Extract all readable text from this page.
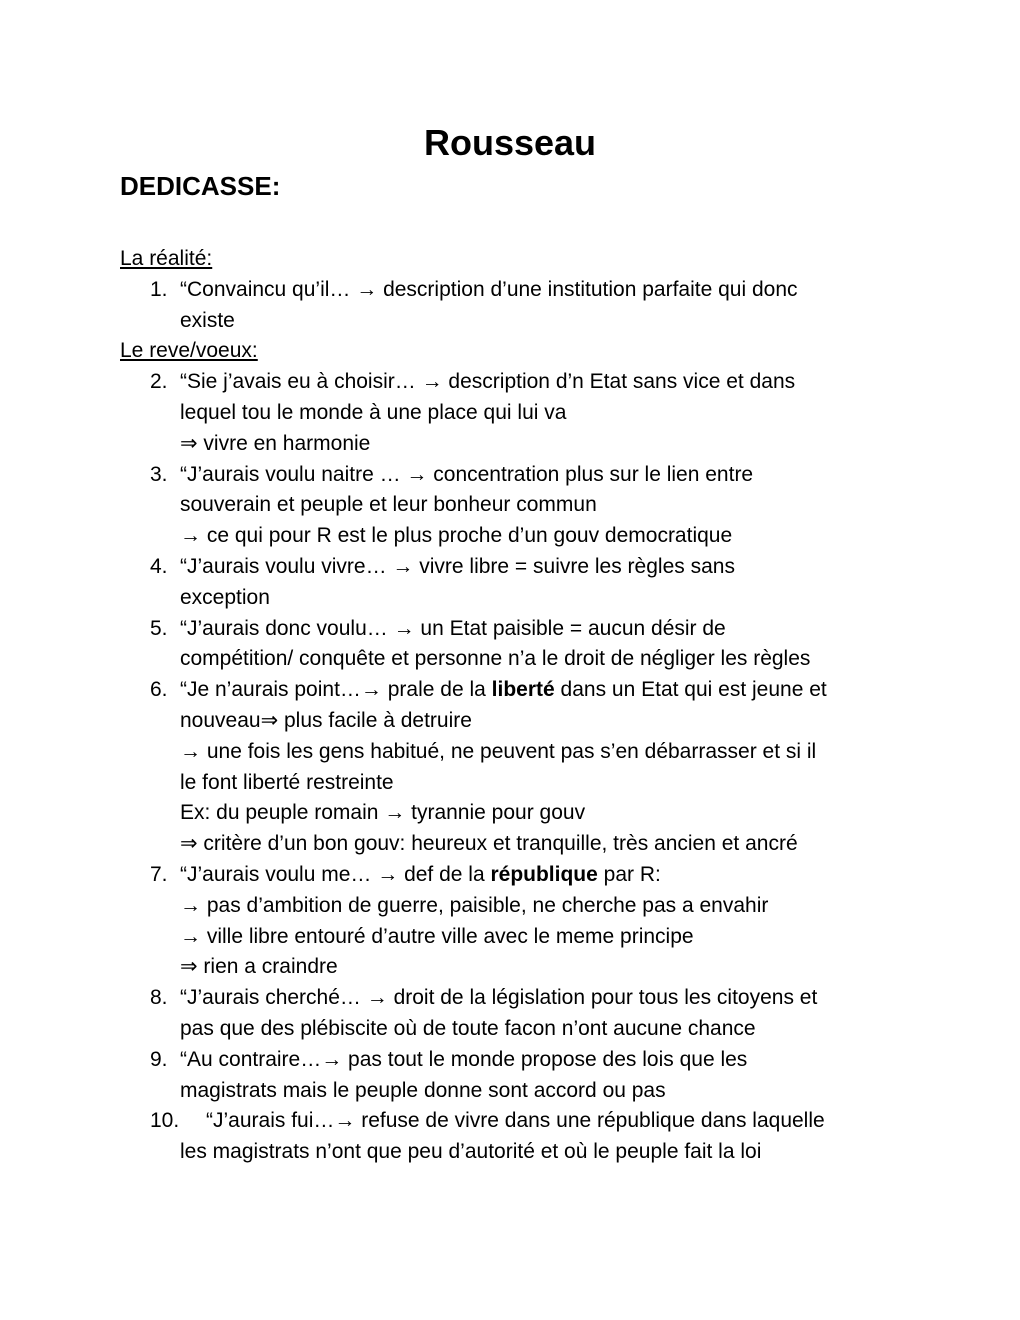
Rousseau
DEDICASSE:

La réalité:

1. “Convaincu qu’il… → description d’une institution parfaite qui donc
existe

Le reve/voeux:

2. “Sie j’avais eu à choisir… → description d’n Etat sans vice et dans
lequel tou le monde à une place qui lui va
⇒ vivre en harmonie
3. “J’aurais voulu naitre … → concentration plus sur le lien entre
souverain et peuple et leur bonheur commun
→ ce qui pour R est le plus proche d’un gouv democratique
4. “J’aurais voulu vivre… → vivre libre = suivre les règles sans
exception
5. “J’aurais donc voulu… → un Etat paisible = aucun désir de
compétition/ conquête et personne n’a le droit de négliger les règles
6. “Je n’aurais point…→ prale de la liberté dans un Etat qui est jeune et
nouveau⇒ plus facile à detruire
→ une fois les gens habitué, ne peuvent pas s’en débarrasser et si il
le font liberté restreinte
Ex: du peuple romain → tyrannie pour gouv
⇒ critère d’un bon gouv: heureux et tranquille, très ancien et ancré
7. “J’aurais voulu me… → def de la république par R:
→ pas d’ambition de guerre, paisible, ne cherche pas a envahir
→ ville libre entouré d’autre ville avec le meme principe
⇒ rien a craindre
8. “J’aurais cherché… → droit de la législation pour tous les citoyens et
pas que des plébiscite où de toute facon n’ont aucune chance
9. “Au contraire…→ pas tout le monde propose des lois que les
magistrats mais le peuple donne sont accord ou pas
10.	“J’aurais fui…→ refuse de vivre dans une république dans laquelle
les magistrats n’ont que peu d’autorité et où le peuple fait la loi
